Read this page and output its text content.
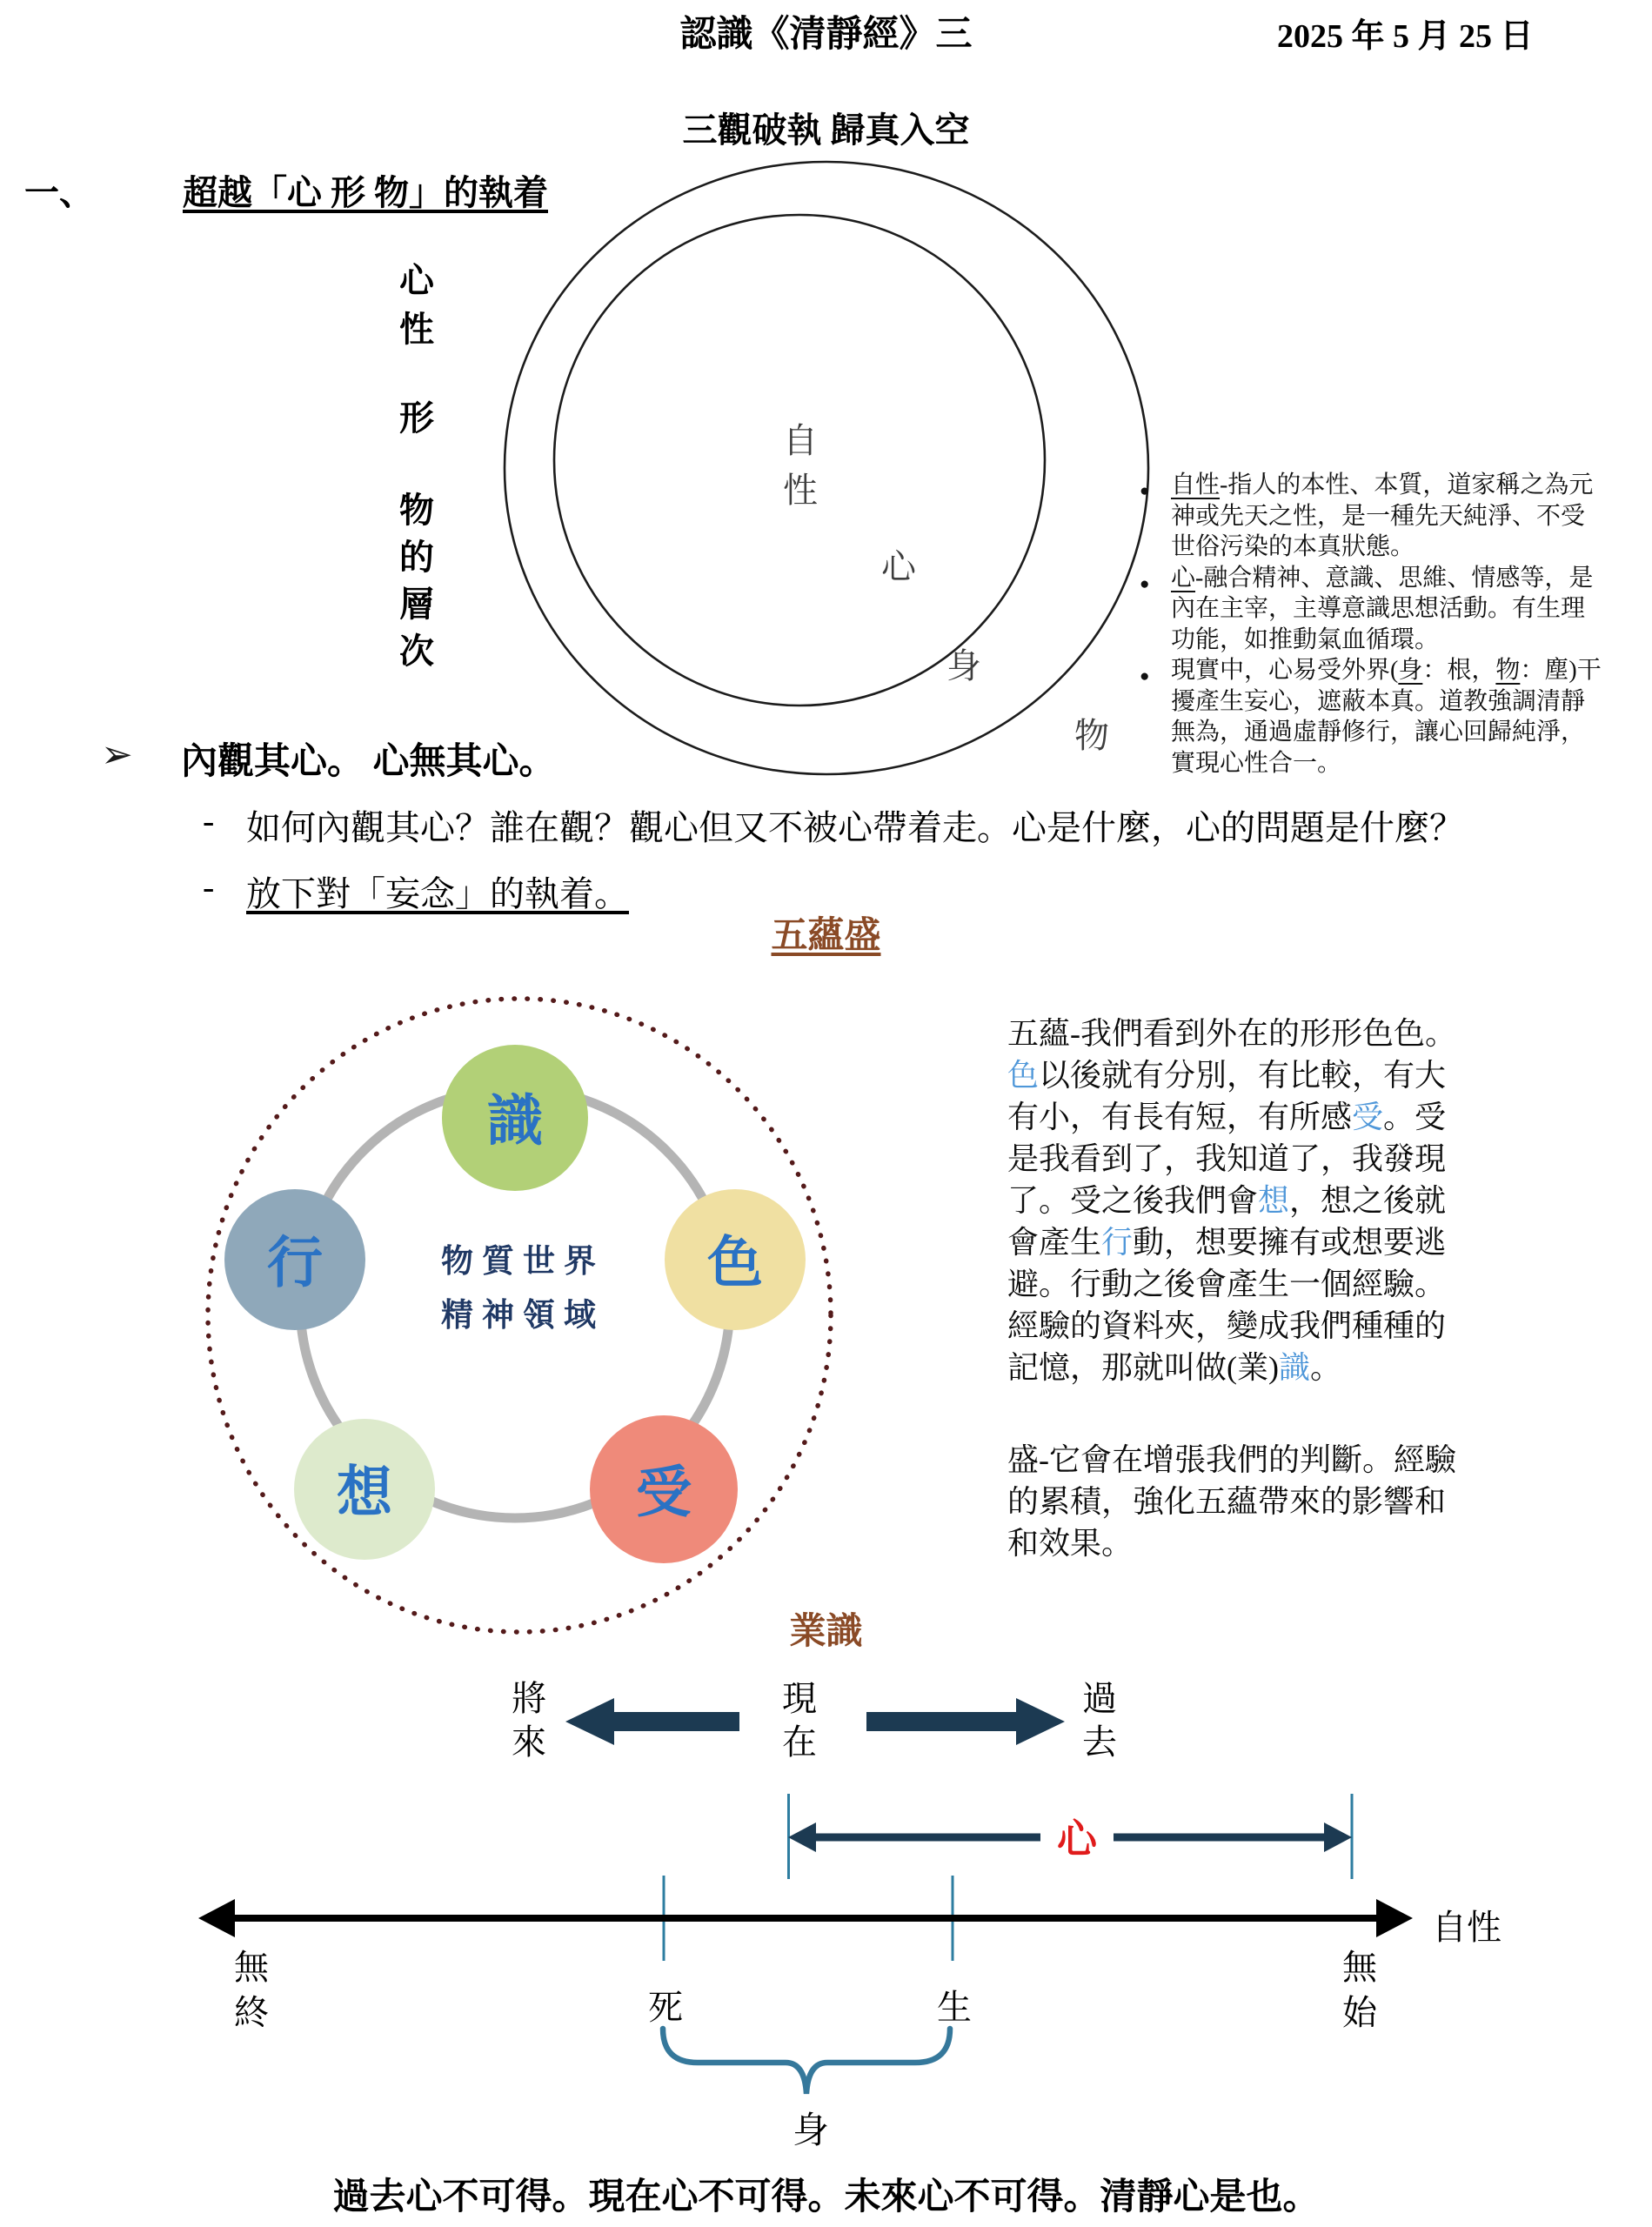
認識《清靜經》三	2025 年 5 月 25 日
三觀破執 歸真入空
一、	超越「心 形 物」的執着
心
性
形
物
的
層
次
自
性
心
身
物
● 自性-指人的本性、本質，道家稱之為元神或先天之性，是一種先天純淨、不受世俗污染的本真狀態。
● 心-融合精神、意識、思維、情感等，是內在主宰，主導意識思想活動。有生理功能，如推動氣血循環。
● 現實中，心易受外界(身：根，物：塵)干擾產生妄心，遮蔽本真。道教強調清靜無為，通過虛靜修行，讓心回歸純淨，實現心性合一。
➢ 內觀其心。 心無其心。
- 如何內觀其心？誰在觀？觀心但又不被心帶着走。心是什麼，心的問題是什麼？
- 放下對「妄念」的執着。
五蘊盛
識
色
受
想
行	物質世界
精神領域
五蘊-我們看到外在的形形色色。
色以後就有分別，有比較，有大
有小，有長有短，有所感受。受
是我看到了，我知道了，我發現
了。受之後我們會想，想之後就
會產生行動，想要擁有或想要逃
避。行動之後會產生一個經驗。
經驗的資料夾，變成我們種種的
記憶，那就叫做(業)識。
盛-它會在增張我們的判斷。經驗
的累積，強化五蘊帶來的影響和
和效果。
業識
將
來
現
在
過
去
心
自性
無
終	死	生
無
始
身
過去心不可得。現在心不可得。未來心不可得。清靜心是也。
